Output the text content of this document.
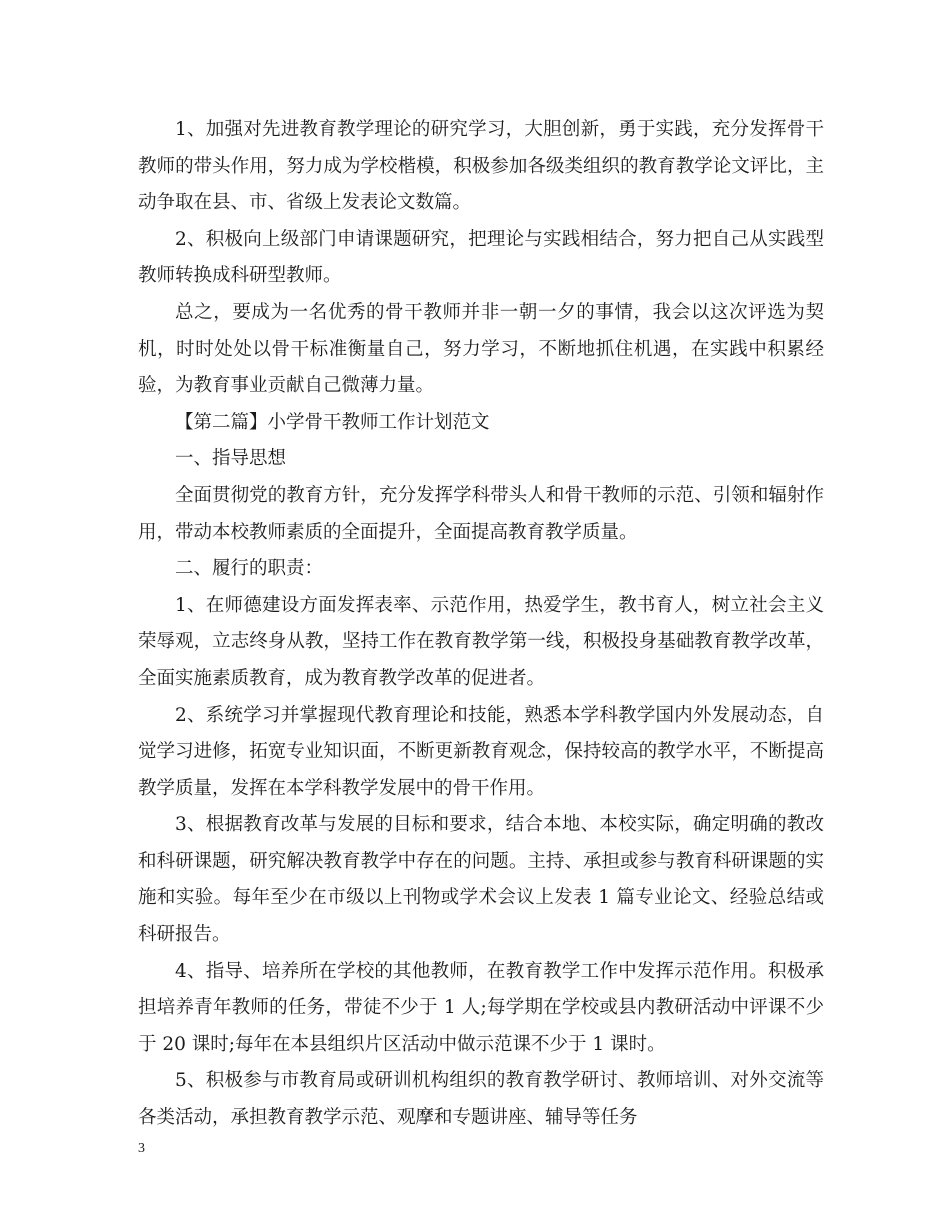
1、加强对先进教育教学理论的研究学习，大胆创新，勇于实践，充分发挥骨干教师的带头作用，努力成为学校楷模，积极参加各级类组织的教育教学论文评比，主动争取在县、市、省级上发表论文数篇。

2、积极向上级部门申请课题研究，把理论与实践相结合，努力把自己从实践型教师转换成科研型教师。

总之，要成为一名优秀的骨干教师并非一朝一夕的事情，我会以这次评选为契机，时时处处以骨干标准衡量自己，努力学习，不断地抓住机遇，在实践中积累经验，为教育事业贡献自己微薄力量。

【第二篇】小学骨干教师工作计划范文

一、指导思想

全面贯彻党的教育方针，充分发挥学科带头人和骨干教师的示范、引领和辐射作用，带动本校教师素质的全面提升，全面提高教育教学质量。

二、履行的职责：

1、在师德建设方面发挥表率、示范作用，热爱学生，教书育人，树立社会主义荣辱观，立志终身从教，坚持工作在教育教学第一线，积极投身基础教育教学改革，全面实施素质教育，成为教育教学改革的促进者。

2、系统学习并掌握现代教育理论和技能，熟悉本学科教学国内外发展动态，自觉学习进修，拓宽专业知识面，不断更新教育观念，保持较高的教学水平，不断提高教学质量，发挥在本学科教学发展中的骨干作用。

3、根据教育改革与发展的目标和要求，结合本地、本校实际，确定明确的教改和科研课题，研究解决教育教学中存在的问题。主持、承担或参与教育科研课题的实施和实验。每年至少在市级以上刊物或学术会议上发表 1 篇专业论文、经验总结或科研报告。

4、指导、培养所在学校的其他教师，在教育教学工作中发挥示范作用。积极承担培养青年教师的任务，带徒不少于 1 人;每学期在学校或县内教研活动中评课不少于 20 课时;每年在本县组织片区活动中做示范课不少于 1 课时。

5、积极参与市教育局或研训机构组织的教育教学研讨、教师培训、对外交流等各类活动，承担教育教学示范、观摩和专题讲座、辅导等任务

3
